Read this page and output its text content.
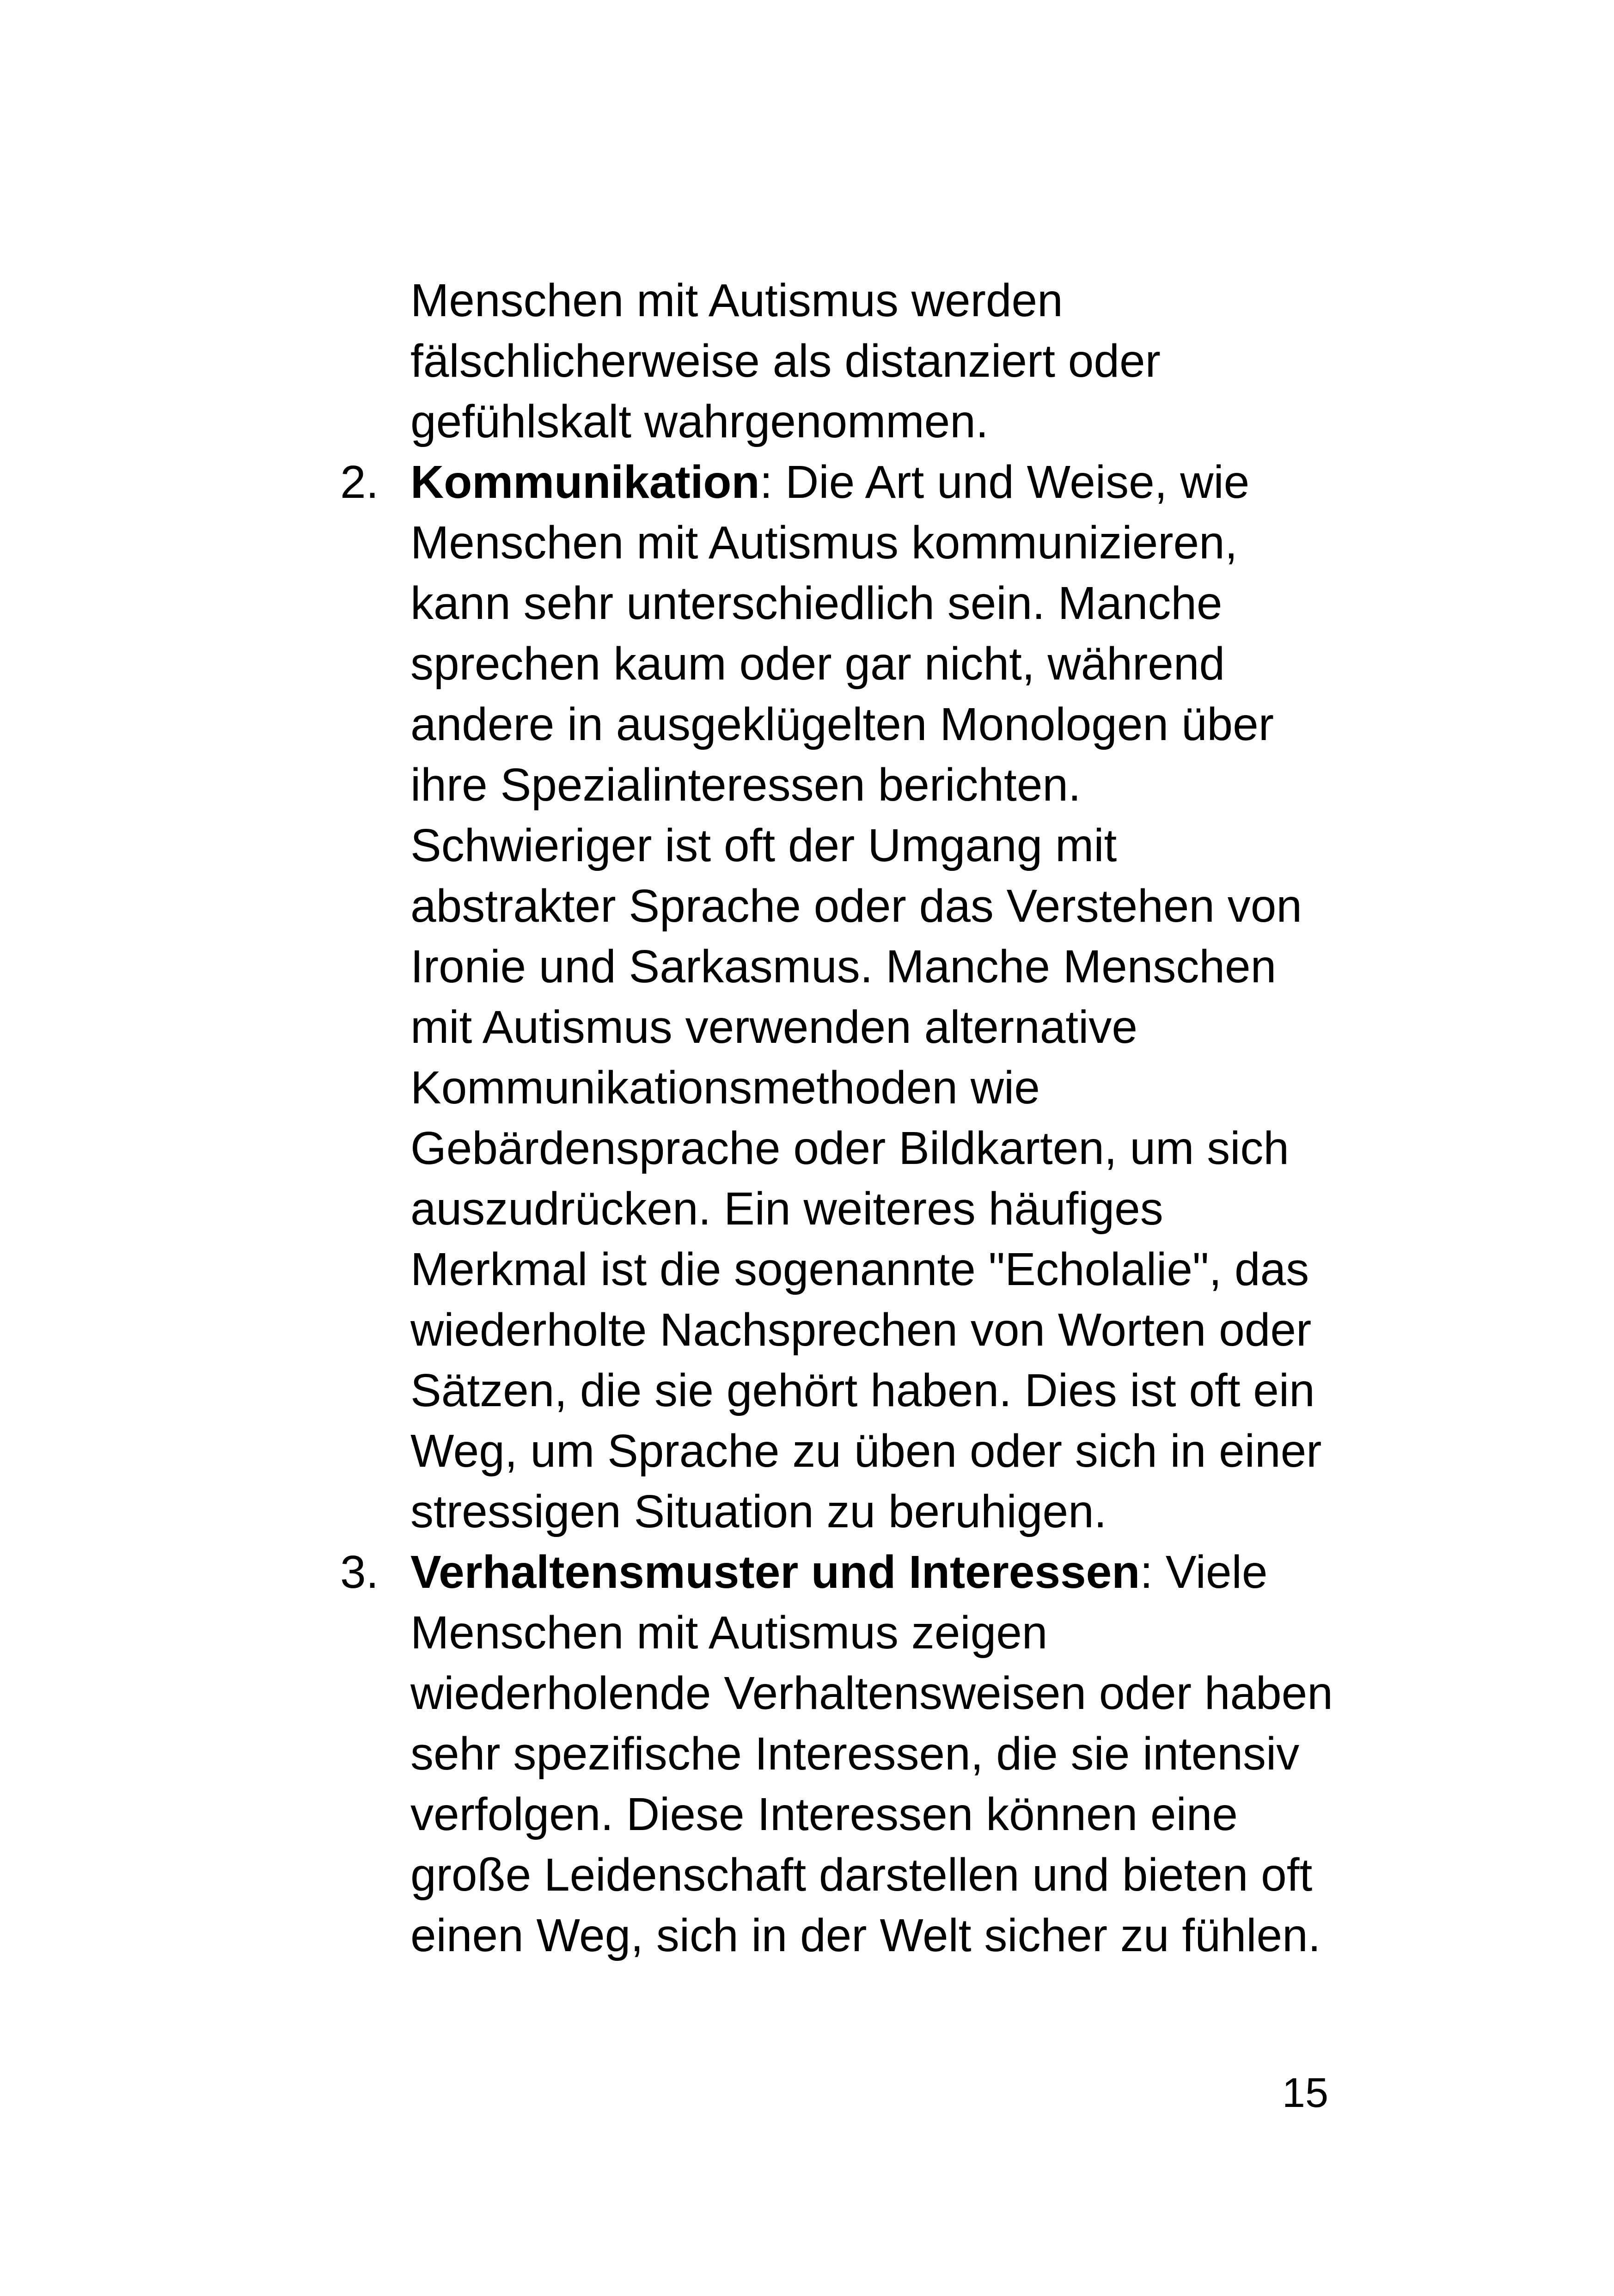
Menschen mit Autismus werden
fälschlicherweise als distanziert oder
gefühlskalt wahrgenommen.

2. Kommunikation: Die Art und Weise, wie
Menschen mit Autismus kommunizieren,
kann sehr unterschiedlich sein. Manche
sprechen kaum oder gar nicht, während
andere in ausgeklügelten Monologen über
ihre Spezialinteressen berichten.
Schwieriger ist oft der Umgang mit
abstrakter Sprache oder das Verstehen von
Ironie und Sarkasmus. Manche Menschen
mit Autismus verwenden alternative
Kommunikationsmethoden wie
Gebärdensprache oder Bildkarten, um sich
auszudrücken. Ein weiteres häufiges
Merkmal ist die sogenannte "Echolalie", das
wiederholte Nachsprechen von Worten oder
Sätzen, die sie gehört haben. Dies ist oft ein
Weg, um Sprache zu üben oder sich in einer
stressigen Situation zu beruhigen.

3. Verhaltensmuster und Interessen: Viele
Menschen mit Autismus zeigen
wiederholende Verhaltensweisen oder haben
sehr spezifische Interessen, die sie intensiv
verfolgen. Diese Interessen können eine
große Leidenschaft darstellen und bieten oft
einen Weg, sich in der Welt sicher zu fühlen.

15
